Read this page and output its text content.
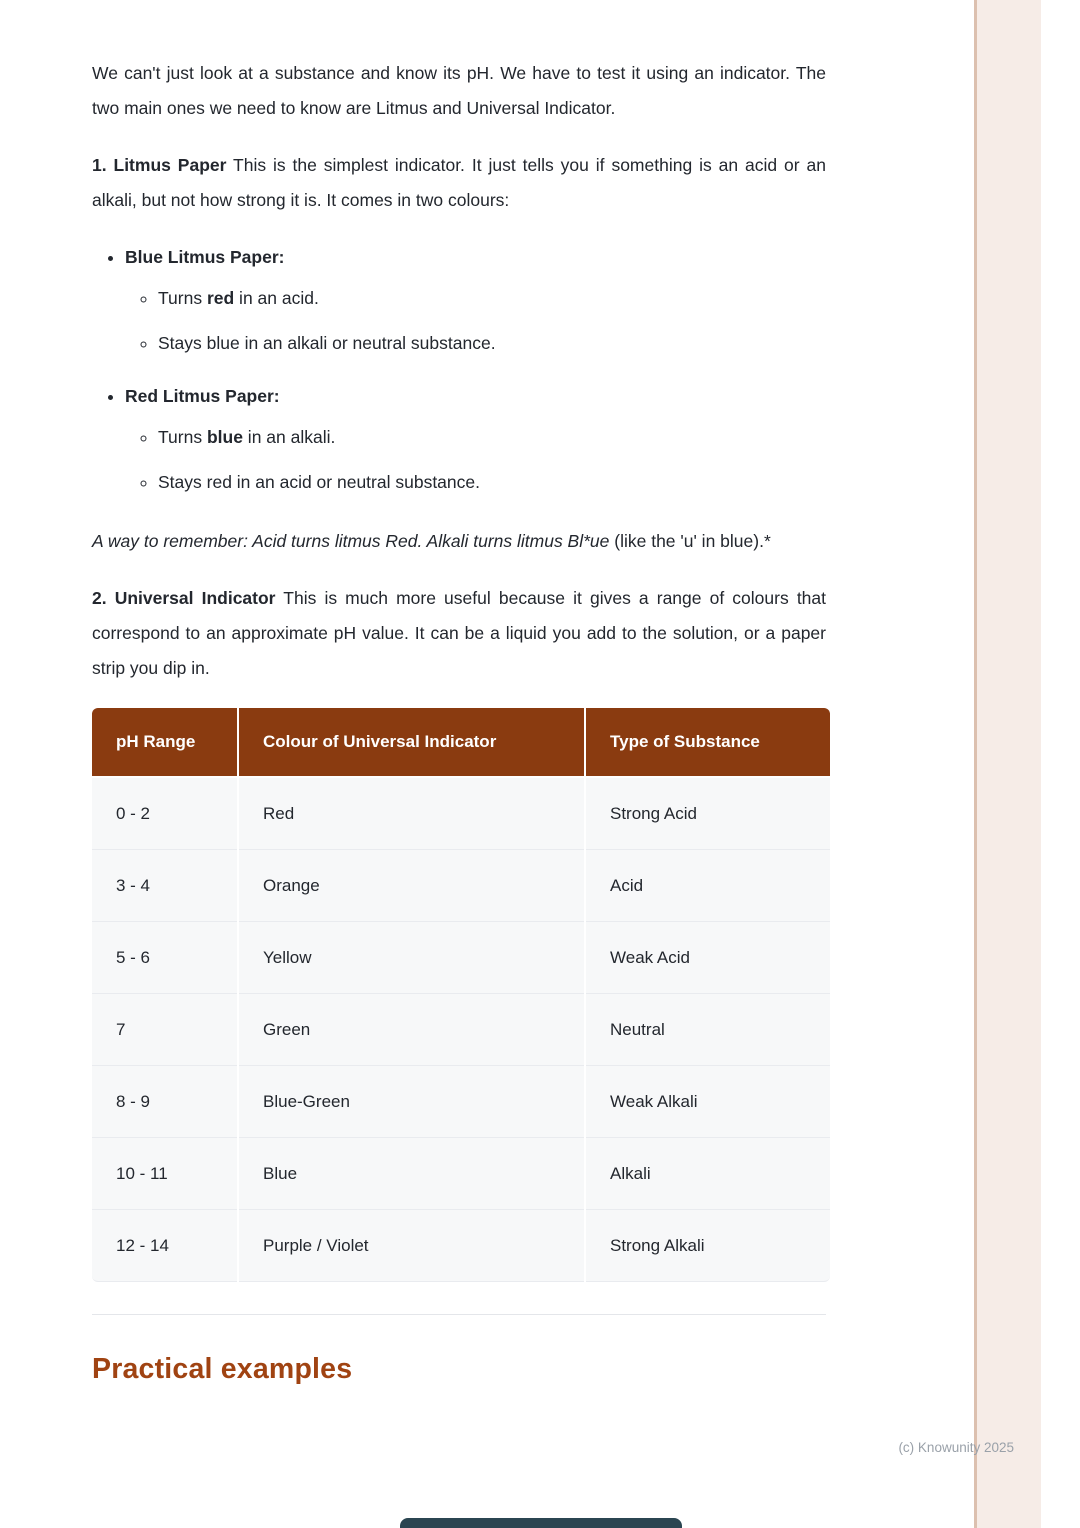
We can't just look at a substance and know its pH. We have to test it using an indicator. The two main ones we need to know are Litmus and Universal Indicator.

1. Litmus Paper This is the simplest indicator. It just tells you if something is an acid or an alkali, but not how strong it is. It comes in two colours:

• Blue Litmus Paper:
◦ Turns red in an acid.
◦ Stays blue in an alkali or neutral substance.
• Red Litmus Paper:
◦ Turns blue in an alkali.
◦ Stays red in an acid or neutral substance.

A way to remember: Acid turns litmus Red. Alkali turns litmus Bl*ue (like the 'u' in blue).*

2. Universal Indicator This is much more useful because it gives a range of colours that correspond to an approximate pH value. It can be a liquid you add to the solution, or a paper strip you dip in.

pH Range	Colour of Universal Indicator	Type of Substance
0 - 2	Red	Strong Acid
3 - 4	Orange	Acid
5 - 6	Yellow	Weak Acid
7	Green	Neutral
8 - 9	Blue-Green	Weak Alkali
10 - 11	Blue	Alkali
12 - 14	Purple / Violet	Strong Alkali
Practical examples
(c) Knowunity 2025
